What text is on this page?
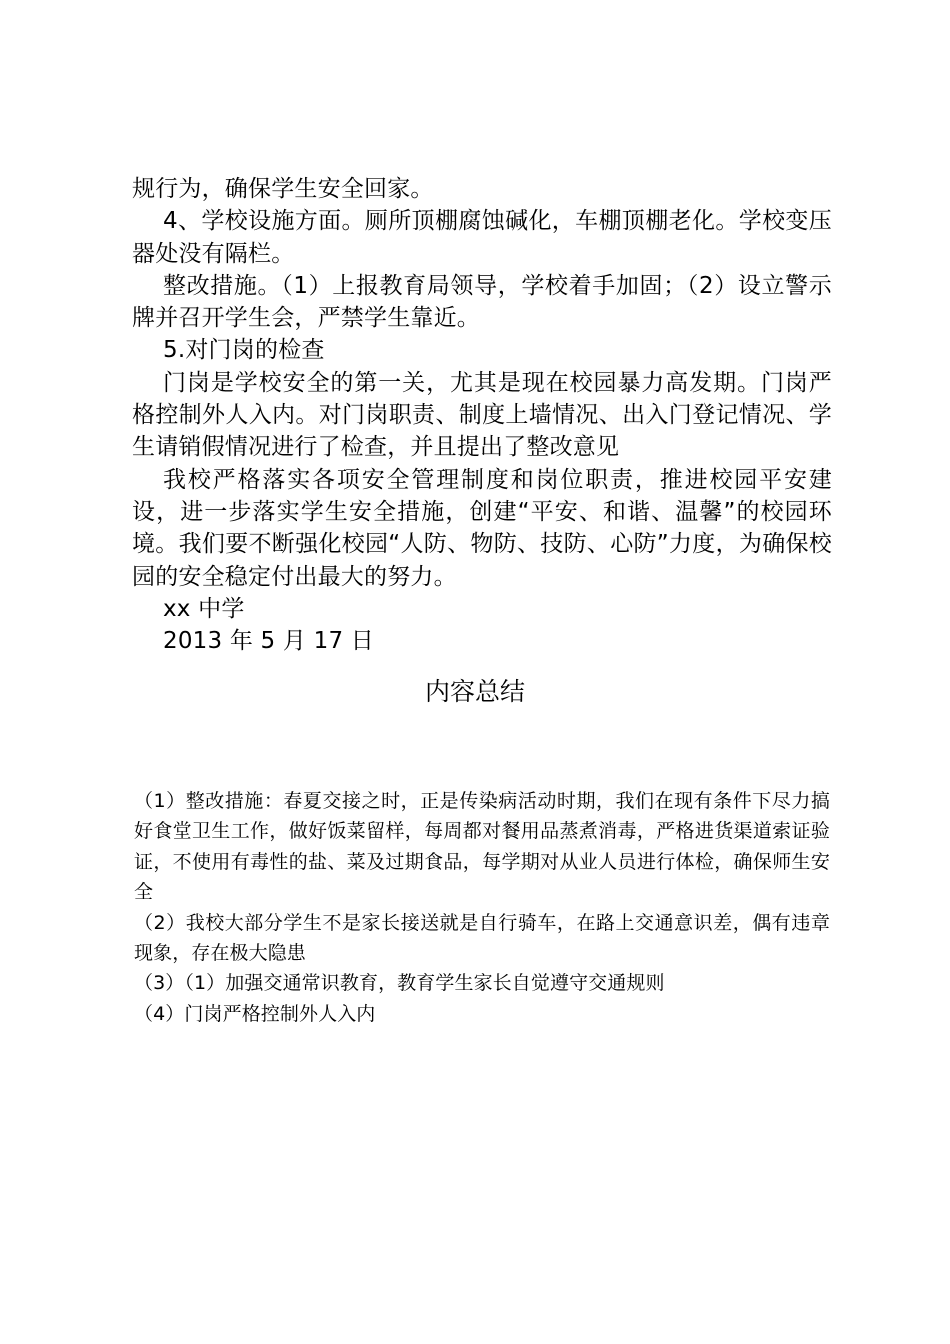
规行为，确保学生安全回家。

4、学校设施方面。厕所顶棚腐蚀碱化，车棚顶棚老化。学校变压器处没有隔栏。

整改措施。（1）上报教育局领导，学校着手加固；（2）设立警示牌并召开学生会，严禁学生靠近。

5.对门岗的检查

门岗是学校安全的第一关，尤其是现在校园暴力高发期。门岗严格控制外人入内。对门岗职责、制度上墙情况、出入门登记情况、学生请销假情况进行了检查，并且提出了整改意见

我校严格落实各项安全管理制度和岗位职责，推进校园平安建设，进一步落实学生安全措施，创建“平安、和谐、温馨”的校园环境。我们要不断强化校园“人防、物防、技防、心防”力度，为确保校园的安全稳定付出最大的努力。

xx 中学

2013 年 5 月 17 日

内容总结

（1）整改措施：春夏交接之时，正是传染病活动时期，我们在现有条件下尽力搞好食堂卫生工作，做好饭菜留样，每周都对餐用品蒸煮消毒，严格进货渠道索证验证，不使用有毒性的盐、菜及过期食品，每学期对从业人员进行体检，确保师生安全

（2）我校大部分学生不是家长接送就是自行骑车，在路上交通意识差，偶有违章现象，存在极大隐患

（3）（1）加强交通常识教育，教育学生家长自觉遵守交通规则

（4）门岗严格控制外人入内
